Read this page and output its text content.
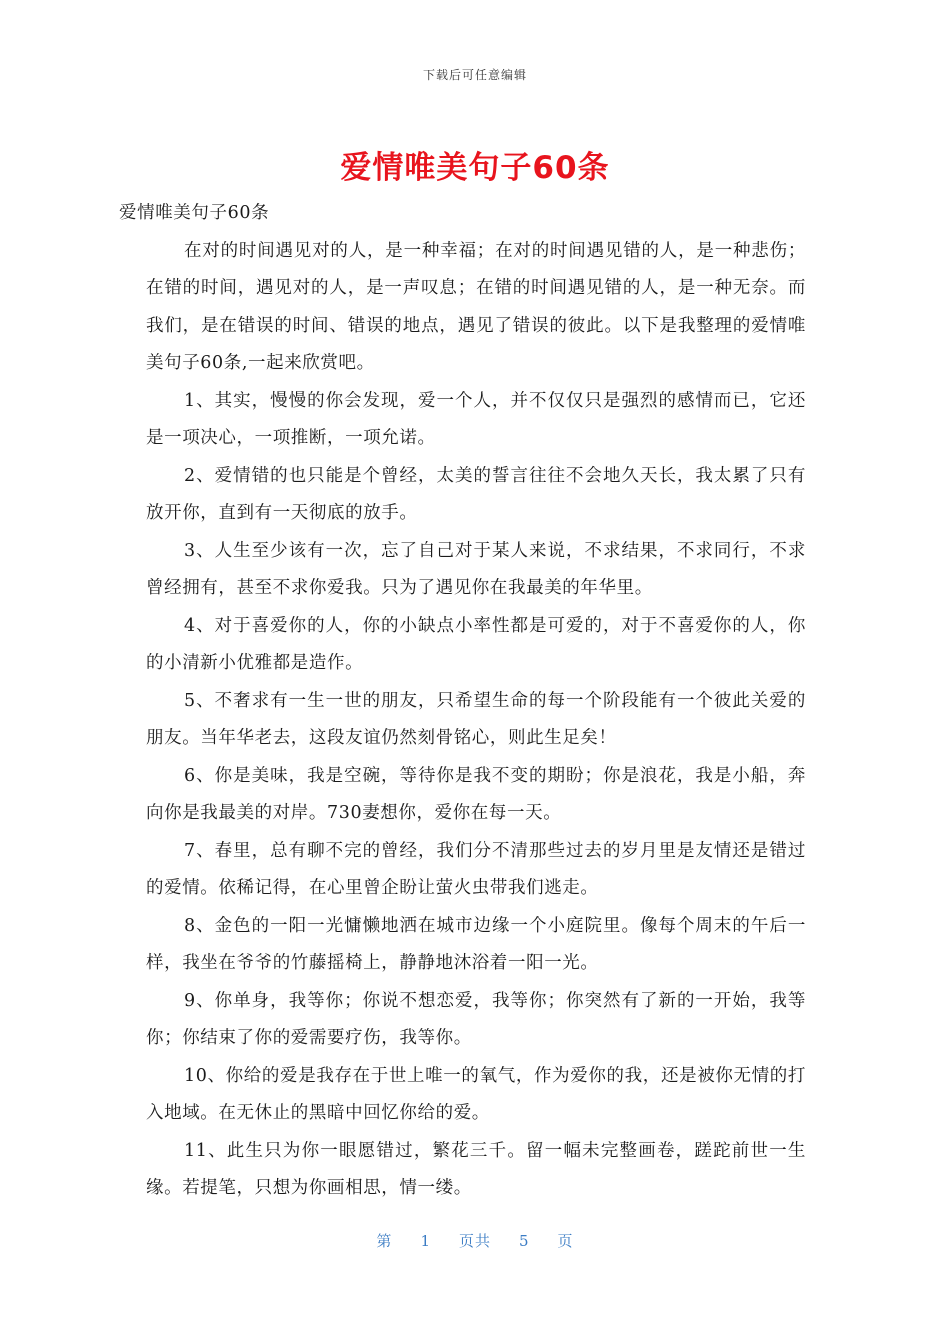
下载后可任意编辑
爱情唯美句子60条

爱情唯美句子60条

在对的时间遇见对的人，是一种幸福；在对的时间遇见错的人，是一种悲伤；在错的时间，遇见对的人，是一声叹息；在错的时间遇见错的人，是一种无奈。而我们，是在错误的时间、错误的地点，遇见了错误的彼此。以下是我整理的爱情唯美句子60条,一起来欣赏吧。

1、其实，慢慢的你会发现，爱一个人，并不仅仅只是强烈的感情而已，它还是一项决心，一项推断，一项允诺。

2、爱情错的也只能是个曾经，太美的誓言往往不会地久天长，我太累了只有放开你，直到有一天彻底的放手。

3、人生至少该有一次，忘了自己对于某人来说，不求结果，不求同行，不求曾经拥有，甚至不求你爱我。只为了遇见你在我最美的年华里。

4、对于喜爱你的人，你的小缺点小率性都是可爱的，对于不喜爱你的人，你的小清新小优雅都是造作。

5、不奢求有一生一世的朋友，只希望生命的每一个阶段能有一个彼此关爱的朋友。当年华老去，这段友谊仍然刻骨铭心，则此生足矣！

6、你是美味，我是空碗，等待你是我不变的期盼；你是浪花，我是小船，奔向你是我最美的对岸。730妻想你，爱你在每一天。

7、春里，总有聊不完的曾经，我们分不清那些过去的岁月里是友情还是错过的爱情。依稀记得，在心里曾企盼让萤火虫带我们逃走。

8、金色的一阳一光慵懒地洒在城市边缘一个小庭院里。像每个周末的午后一样，我坐在爷爷的竹藤摇椅上，静静地沐浴着一阳一光。

9、你单身，我等你；你说不想恋爱，我等你；你突然有了新的一开始，我等你；你结束了你的爱需要疗伤，我等你。

10、你给的爱是我存在于世上唯一的氧气，作为爱你的我，还是被你无情的打入地域。在无休止的黑暗中回忆你给的爱。

11、此生只为你一眼愿错过，繁花三千。留一幅未完整画卷，蹉跎前世一生缘。若提笔，只想为你画相思，情一缕。

第 1 页共 5 页
